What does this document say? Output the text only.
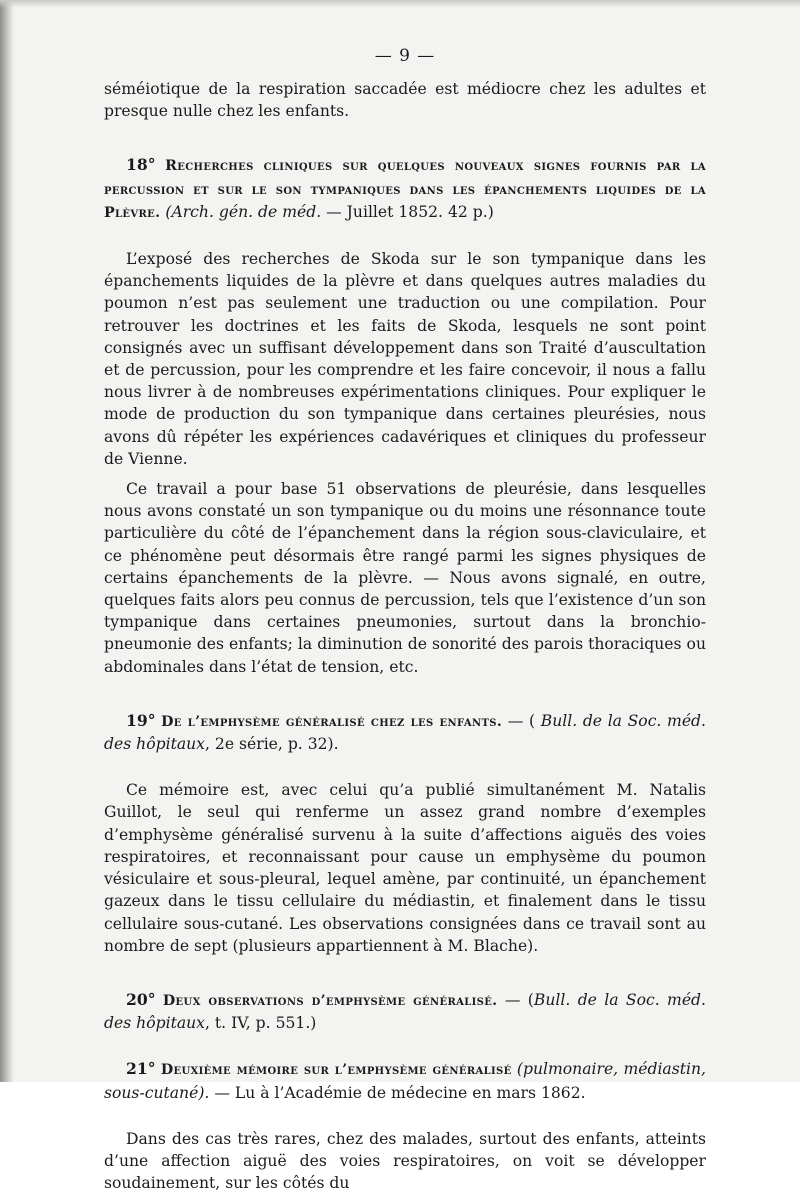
— 9 —

séméiotique de la respiration saccadée est médiocre chez les adultes et presque nulle chez les enfants.

18° Recherches cliniques sur quelques nouveaux signes fournis par la percussion et sur le son tympaniques dans les épanchements liquides de la Plèvre. (Arch. gén. de méd. — Juillet 1852. 42 p.)

L’exposé des recherches de Skoda sur le son tympanique dans les épanchements liquides de la plèvre et dans quelques autres maladies du poumon n’est pas seulement une traduction ou une compilation. Pour retrouver les doctrines et les faits de Skoda, lesquels ne sont point consignés avec un suffisant développement dans son Traité d’auscultation et de percussion, pour les comprendre et les faire concevoir, il nous a fallu nous livrer à de nombreuses expérimentations cliniques. Pour expliquer le mode de production du son tympanique dans certaines pleurésies, nous avons dû répéter les expériences cadavériques et cliniques du professeur de Vienne.

Ce travail a pour base 51 observations de pleurésie, dans lesquelles nous avons constaté un son tympanique ou du moins une résonnance toute particulière du côté de l’épanchement dans la région sous-claviculaire, et ce phénomène peut désormais être rangé parmi les signes physiques de certains épanchements de la plèvre. — Nous avons signalé, en outre, quelques faits alors peu connus de percussion, tels que l’existence d’un son tympanique dans certaines pneumonies, surtout dans la bronchio-pneumonie des enfants; la diminution de sonorité des parois thoraciques ou abdominales dans l’état de tension, etc.

19° De l’emphysème généralisé chez les enfants. — ( Bull. de la Soc. méd. des hôpitaux, 2e série, p. 32).

Ce mémoire est, avec celui qu’a publié simultanément M. Natalis Guillot, le seul qui renferme un assez grand nombre d’exemples d’emphysème généralisé survenu à la suite d’affections aiguës des voies respiratoires, et reconnaissant pour cause un emphysème du poumon vésiculaire et sous-pleural, lequel amène, par continuité, un épanchement gazeux dans le tissu cellulaire du médiastin, et finalement dans le tissu cellulaire sous-cutané. Les observations consignées dans ce travail sont au nombre de sept (plusieurs appartiennent à M. Blache).

20° Deux observations d’emphysème généralisé. — (Bull. de la Soc. méd. des hôpitaux, t. IV, p. 551.)

21° Deuxième mémoire sur l’emphysème généralisé (pulmonaire, médiastin, sous-cutané). — Lu à l’Académie de médecine en mars 1862.

Dans des cas très rares, chez des malades, surtout des enfants, atteints d’une affection aiguë des voies respiratoires, on voit se développer soudainement, sur les côtés du
